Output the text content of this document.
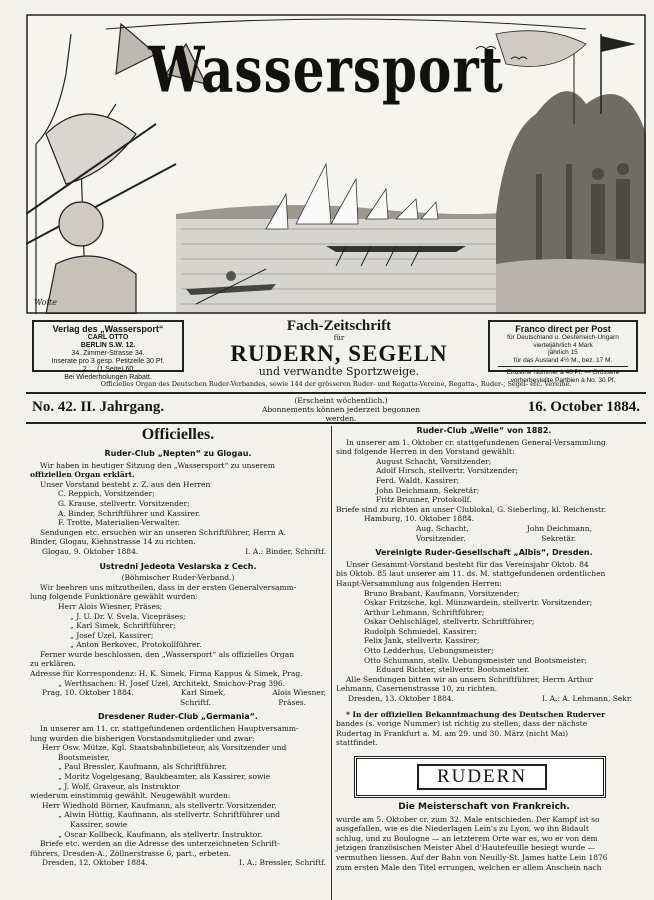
Wassersport
Woite
Verlag des „Wassersport“
CARL OTTO
BERLIN S.W. 12.
34. Zimmer-Strasse 34.
Inserate pro 3 gesp. Petitzeile 30 Pf.
„ 2 „ „ (1 Seite) 60 „
Bei Wiederholungen Rabatt.
Fach-Zeitschrift
für
RUDERN, SEGELN
und verwandte Sportzweige.
Franco direct per Post
für Deutschland u. Oesterreich-Ungarn
vierteljährlich 4 Mark
jährlich 15
für das Ausland 4½ M., bez. 17 M.
Einzelne Nummer à 40 Pf. — Grössere
vorherbestellte Partbien à No. 30 Pf.
Officielles Organ des Deutschen Ruder-Verbandes, sowie 144 der grösseren Ruder- und Regatta-Vereine, Regatta-, Ruder-, Segel- etc. Vereine.
No. 42. II. Jahrgang.	(Erscheint wöchentlich.)
Abonnements können jederzeit begonnen werden.
16. October 1884.
Officielles.
Ruder-Club „Nepten“ zu Glogau.

Wir haben in heutiger Sitzung den „Wassersport“ zu unserem

offiziellen Organ erklärt.

Unser Vorstand besteht z. Z. aus den Herren

C. Reppich, Vorsitzender;

G. Krause, stellvertr. Vorsitzender;

A. Binder, Schriftführer und Kassirer.

F. Trotte, Materialien-Verwalter.

Sendungen etc. ersuchen wir an unseren Schriftführer, Herrn A.

Binder, Glogau, Kiehnstrasse 14 zu richten.

Glogau, 9. Oktober 1884.	I. A.: Binder, Schriftf.
Ustredni Jedeota Veslarska z Cech.

(Böhmischer Ruder-Verband.)

Wir beehren uns mitzutheilen, dass in der ersten Generalversamm-

lung folgende Funktionäre gewählt wurden:

Herr Alois Wiesner, Präses;

„ J. U. Dr. V. Svela, Vicepräses;

„ Karl Simek, Schriftführer;

„ Josef Uzel, Kassirer;

„ Anton Berkovec, Protokollführer.

Ferner wurde beschlossen, den „Wassersport“ als offizielles Organ

zu erklären.

Adresse für Korrespondenz: H. K. Simek, Firma Kappus & Simek, Prag.

„ Werthsachen: H. Josef Uzel, Architekt, Smichov-Prag 396.

Prag, 10. Oktober 1884.	Karl Simek,	Alois Wiesner,
Schriftf.	Präses.
Dresdener Ruder-Club „Germania“.

In unserer am 11. cr. stattgefundenen ordentlichen Hauptversamm-

lung wurden die bisherigen Vorstandsmitglieder und zwar:

Herr Osw. Mütze, Kgl. Staatsbahnbilleteur, als Vorsitzender und

Bootsmeister,

„ Paul Bressler, Kaufmann, als Schriftführer,

„ Moritz Vogelgesang, Baukbeamter, als Kassirer, sowie

„ J. Wolf, Graveur, als Instruktor

wiederum einstimmig gewählt. Neugewählt wurden:

Herr Wiedhold Börner, Kaufmann, als stellvertr. Vorsitzender,

„ Alwin Hüttig, Kaufmann, als stellvertr. Schriftführer und

Kassirer, sowie

„ Oscar Kollbeck, Kaufmann, als stellvertr. Instruktor.

Briefe etc. werden an die Adresse des unterzeichneten Schrift-

führers, Dresden-A., Zöllnerstrasse 6, part., erbeten.

Dresden, 12. Oktober 1884.	I. A.: Bressler, Schriftf.
Ruder-Club „Welle“ von 1882.

In unserer am 1. Oktober cr. stattgefundenen General-Versammlung

sind folgende Herren in den Vorstand gewählt:

August Schacht, Vorsitzender;

Adolf Hirsch, stellvertr. Vorsitzender;

Ferd. Waldt, Kassirer;

John Deichmann, Sekretär;

Fritz Brunner, Protokollf.

Briefe sind zu richten an unser Clublokal, G. Sieberling, kl. Reichenstr.

Hamburg, 10. Oktober 1884.

Aug. Schacht,	John Deichmann,
Vorsitzender.	Sekretär.
Vereinigte Ruder-Gesellschaft „Albis“, Dresden.

Unser Gesammt-Vorstand besteht für das Vereinsjahr Oktob. 84

bis Oktob. 85 laut unserer am 11. ds. M. stattgefundenen ordentlichen

Haupt-Versammlung aus folgenden Herren:

Bruno Brabant, Kaufmann, Vorsitzender;

Oskar Fritzsche, kgl. Münzwardein, stellvertr. Vorsitzender;

Arthur Lehmann, Schriftführer;

Oskar Oehlschlägel, stellvertr. Schriftführer;

Rudolph Schmiedel, Kassirer;

Felix Jank, stellvertr. Kassirer;

Otto Ledderhus, Uebungsmeister;

Otto Schumann, stellv. Uebungsmeister und Bootsmeister;

Eduard Richter, stellvertr. Bootsmeister.

Alle Sendungen bitten wir an unsern Schriftführer, Herrn Arthur

Lehmann, Casernenstrasse 10, zu richten.

Dresden, 13. Oktober 1884.	I. A.: A. Lehmann, Sekr.

* In der offiziellen Bekanntmachung des Deutschen Ruderver

bandes (s. vorige Nummer) ist richtig zu stellen, dass der nächste

Rudertag in Frankfurt a. M. am 29. und 30. März (nicht Mai)

stattfindet.

RUDERN
Die Meisterschaft von Frankreich.

wurde am 5. Oktober cr. zum 32. Male entschieden. Der Kampf ist so

ausgefallen, wie es die Niederlagen Lein's zu Lyon, wo ihn Bidault

schlug, und zu Boulogne — an letzterem Orte war es, wo er von dem

jetzigen französischen Meister Abel d'Hautefeuille besiegt wurde —

vermuthen liessen. Auf der Bahn von Neuilly-St. James hatte Lein 1876

zum ersten Male den Titel errungen, welchen er allem Anschein nach
